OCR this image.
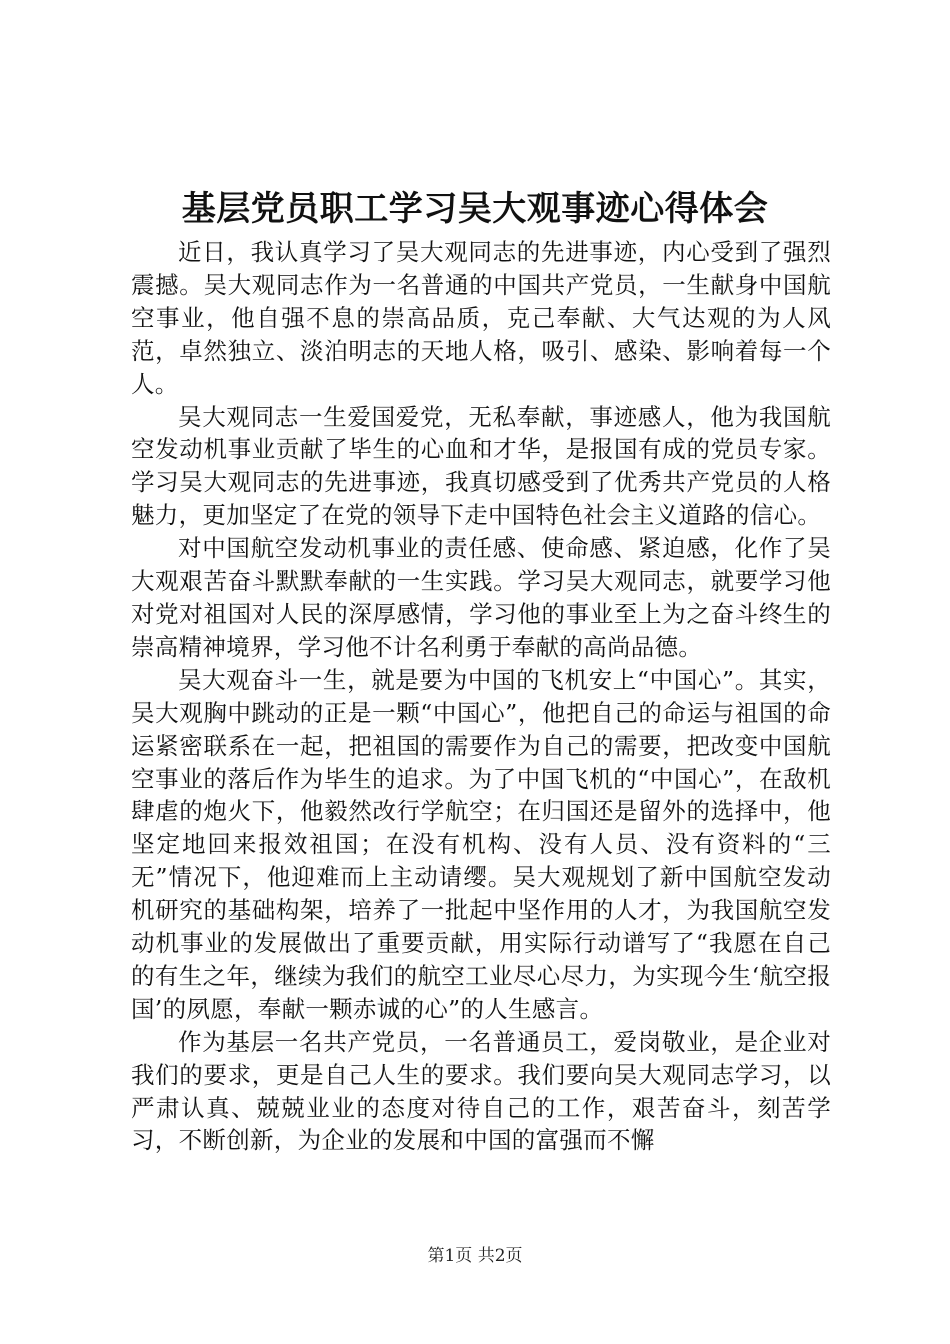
基层党员职工学习吴大观事迹心得体会

近日，我认真学习了吴大观同志的先进事迹，内心受到了强烈震撼。吴大观同志作为一名普通的中国共产党员，一生献身中国航空事业，他自强不息的崇高品质，克己奉献、大气达观的为人风范，卓然独立、淡泊明志的天地人格，吸引、感染、影响着每一个人。

吴大观同志一生爱国爱党，无私奉献，事迹感人，他为我国航空发动机事业贡献了毕生的心血和才华，是报国有成的党员专家。学习吴大观同志的先进事迹，我真切感受到了优秀共产党员的人格魅力，更加坚定了在党的领导下走中国特色社会主义道路的信心。

对中国航空发动机事业的责任感、使命感、紧迫感，化作了吴大观艰苦奋斗默默奉献的一生实践。学习吴大观同志，就要学习他对党对祖国对人民的深厚感情，学习他的事业至上为之奋斗终生的崇高精神境界，学习他不计名利勇于奉献的高尚品德。

吴大观奋斗一生，就是要为中国的飞机安上“中国心”。其实，吴大观胸中跳动的正是一颗“中国心”，他把自己的命运与祖国的命运紧密联系在一起，把祖国的需要作为自己的需要，把改变中国航空事业的落后作为毕生的追求。为了中国飞机的“中国心”，在敌机肆虐的炮火下，他毅然改行学航空；在归国还是留外的选择中，他坚定地回来报效祖国；在没有机构、没有人员、没有资料的“三无”情况下，他迎难而上主动请缨。吴大观规划了新中国航空发动机研究的基础构架，培养了一批起中坚作用的人才，为我国航空发动机事业的发展做出了重要贡献，用实际行动谱写了“我愿在自己的有生之年，继续为我们的航空工业尽心尽力，为实现今生‘航空报国’的夙愿，奉献一颗赤诚的心”的人生感言。

作为基层一名共产党员，一名普通员工，爱岗敬业，是企业对我们的要求，更是自己人生的要求。我们要向吴大观同志学习，以严肃认真、兢兢业业的态度对待自己的工作，艰苦奋斗，刻苦学习，不断创新，为企业的发展和中国的富强而不懈

第1页 共2页
